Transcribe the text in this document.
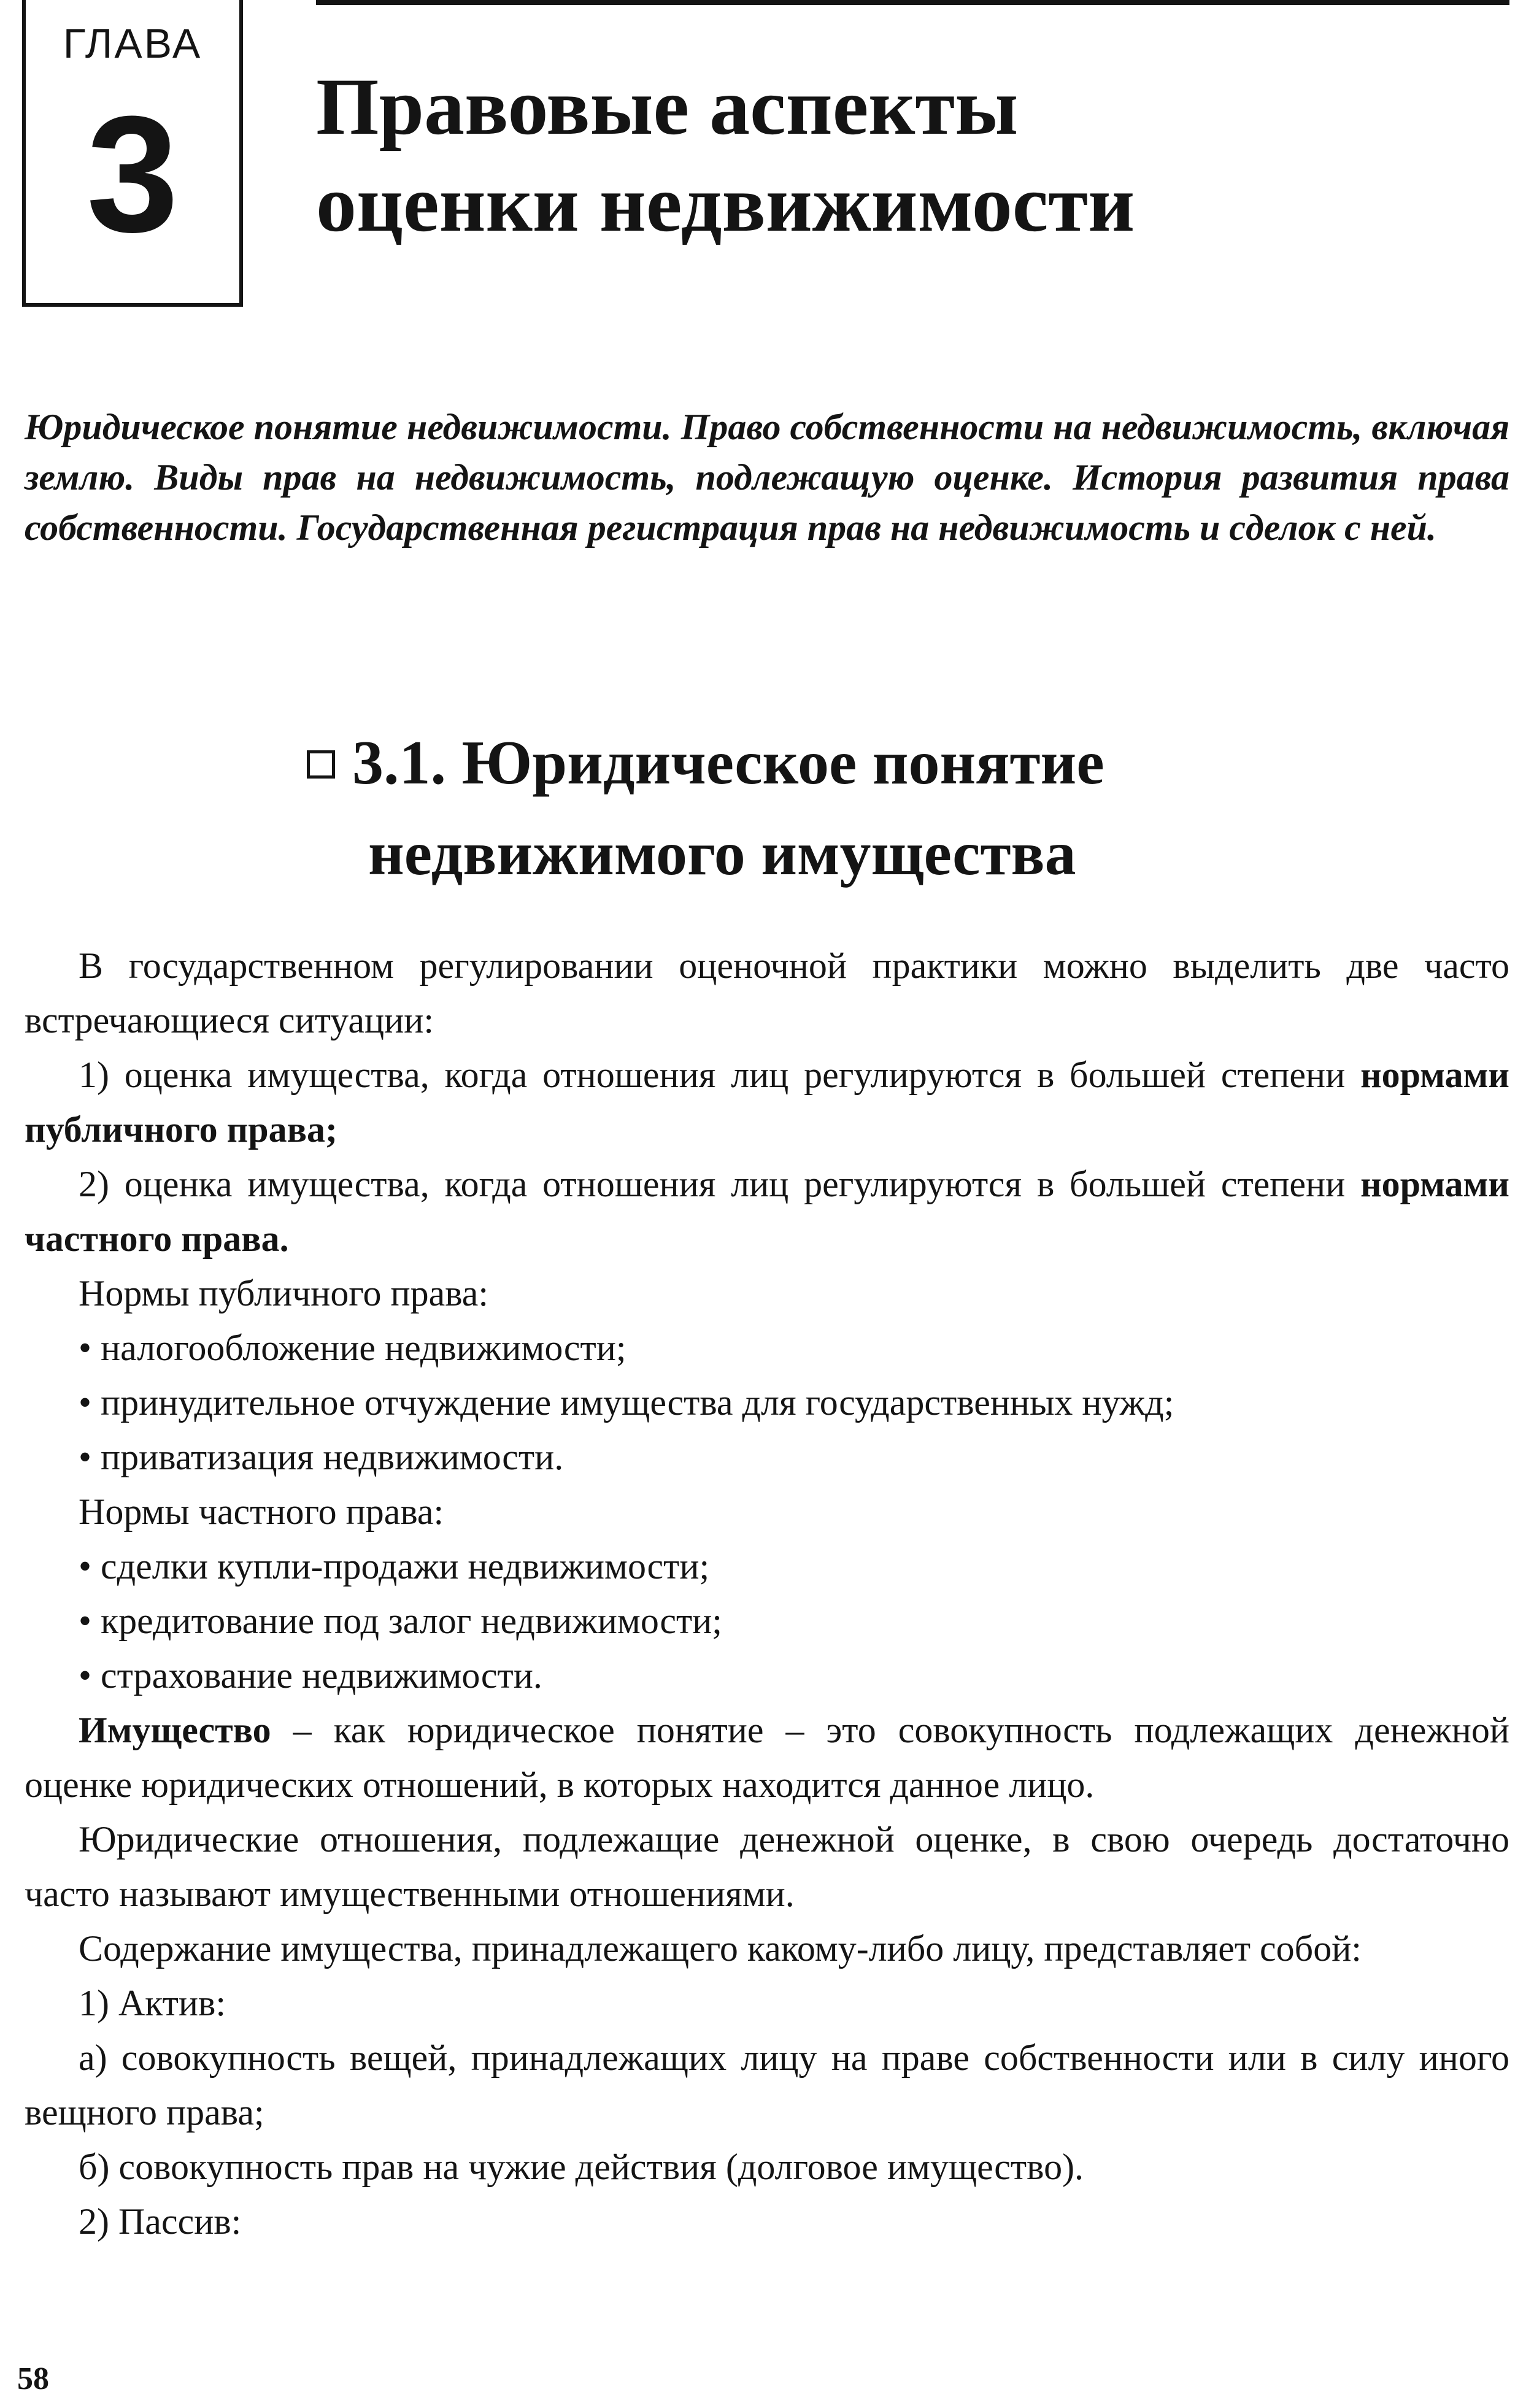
ГЛАВА
3	Правовые аспекты
оценки недвижимости

Юридическое понятие недвижимости. Право собственности на недвижимость, включая землю. Виды прав на недвижимость, подлежащую оценке. История развития права собственности. Государственная регистрация прав на недвижимость и сделок с ней.

3.1. Юридическое понятие
недвижимого имущества

В государственном регулировании оценочной практики можно выделить две часто встречающиеся ситуации:

1) оценка имущества, когда отношения лиц регулируются в большей степени нормами публичного права;

2) оценка имущества, когда отношения лиц регулируются в большей степени нормами частного права.

Нормы публичного права:

• налогообложение недвижимости;

• принудительное отчуждение имущества для государственных нужд;

• приватизация недвижимости.

Нормы частного права:

• сделки купли-продажи недвижимости;

• кредитование под залог недвижимости;

• страхование недвижимости.

Имущество – как юридическое понятие – это совокупность подлежащих денежной оценке юридических отношений, в которых находится данное лицо.

Юридические отношения, подлежащие денежной оценке, в свою очередь достаточно часто называют имущественными отношениями.

Содержание имущества, принадлежащего какому-либо лицу, представляет собой:

1) Актив:

а) совокупность вещей, принадлежащих лицу на праве собственности или в силу иного вещного права;

б) совокупность прав на чужие действия (долговое имущество).

2) Пассив:

58
